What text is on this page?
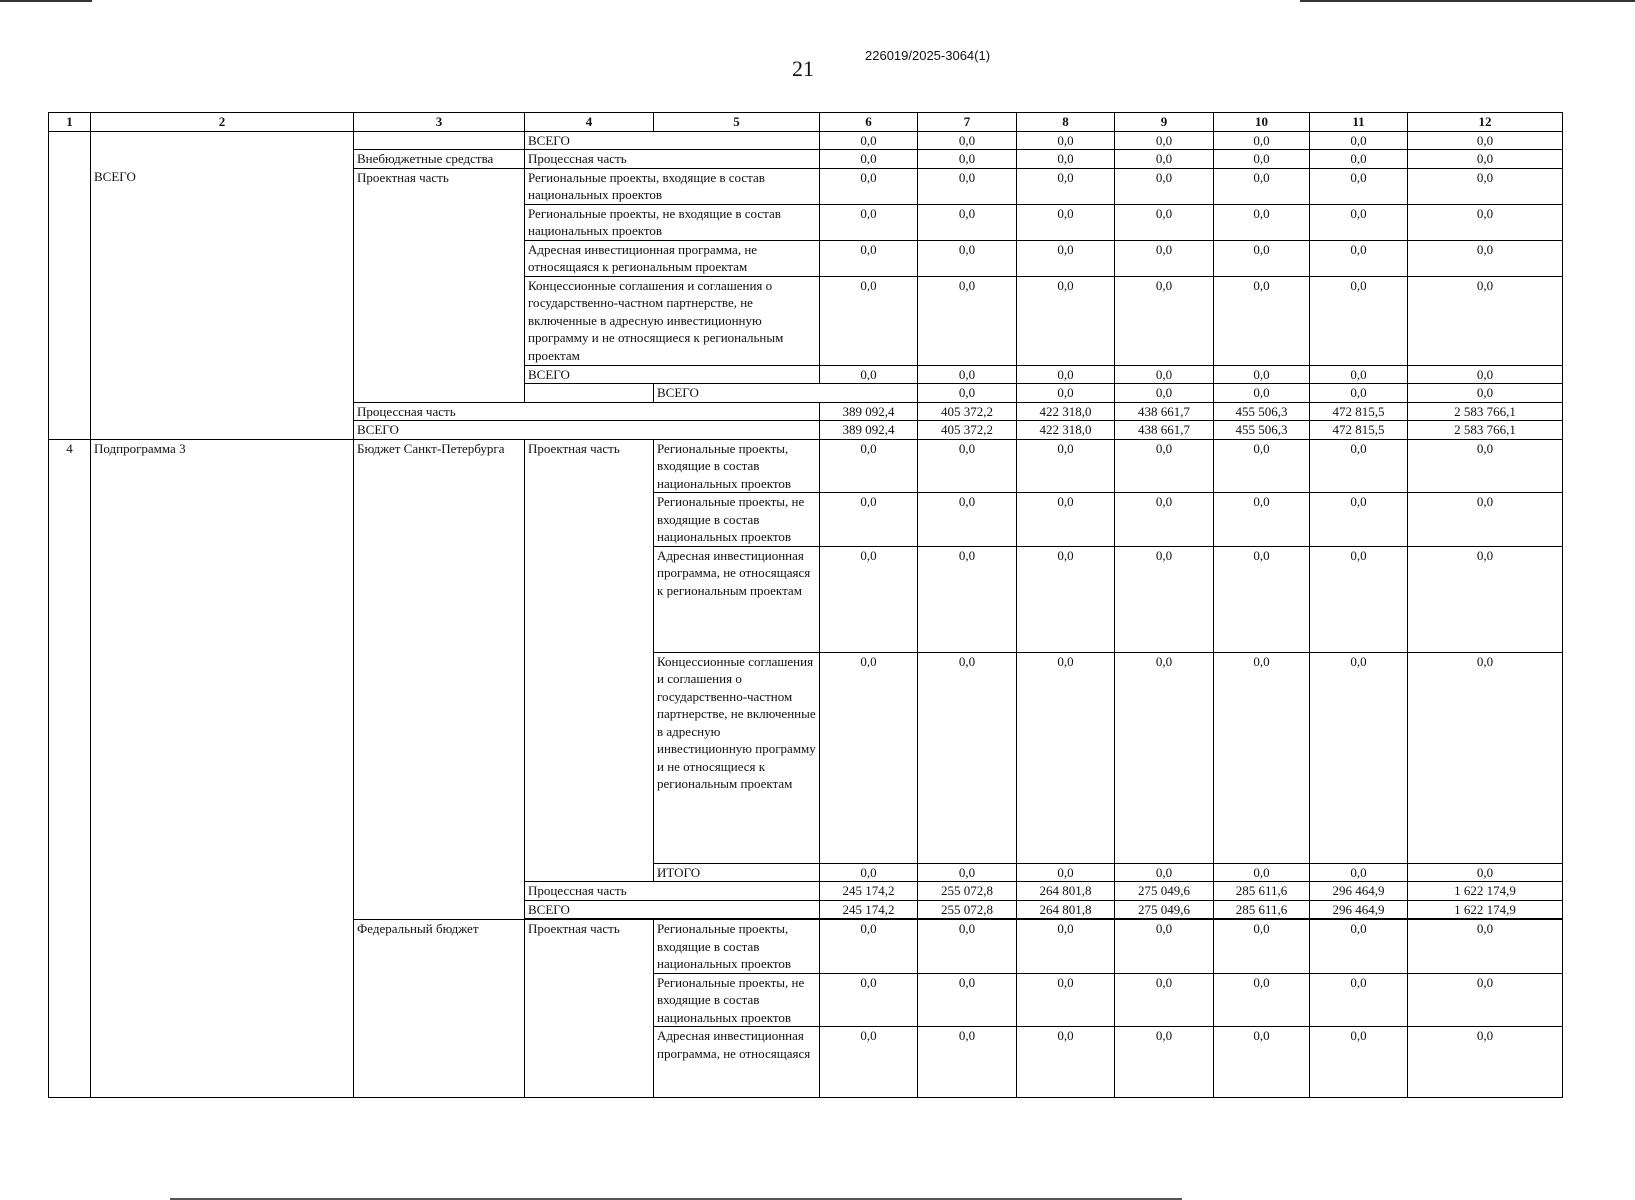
21
226019/2025-3064(1)
1	2	3	4	5	6	7	8	9	10	11	12	
			ВСЕГО		0,0	0,0	0,0	0,0	0,0	0,0	0,0	
		Внебюджетные средства	Процессная часть		0,0	0,0	0,0	0,0	0,0	0,0	0,0	
	ВСЕГО	Проектная часть	Региональные проекты, входящие в состав национальных проектов		0,0	0,0	0,0	0,0	0,0	0,0	0,0	
			Региональные проекты, не входящие в состав национальных проектов		0,0	0,0	0,0	0,0	0,0	0,0	0,0	
			Адресная инвестиционная программа, не относящаяся к региональным проектам		0,0	0,0	0,0	0,0	0,0	0,0	0,0	
			Концессионные соглашения и соглашения о государственно-частном партнерстве, не включенные в адресную инвестиционную программу и не относящиеся к региональным проектам		0,0	0,0	0,0	0,0	0,0	0,0	0,0	
			ВСЕГО		0,0	0,0	0,0	0,0	0,0	0,0	0,0	
				ВСЕГО		0,0	0,0	0,0	0,0	0,0	0,0	
		Процессная часть			389 092,4	405 372,2	422 318,0	438 661,7	455 506,3	472 815,5	2 583 766,1	
		ВСЕГО			389 092,4	405 372,2	422 318,0	438 661,7	455 506,3	472 815,5	2 583 766,1	
4	Подпрограмма 3	Бюджет Санкт-Петербурга	Проектная часть	Региональные проекты, входящие в состав национальных проектов	0,0	0,0	0,0	0,0	0,0	0,0	0,0	
				Региональные проекты, не входящие в состав национальных проектов	0,0	0,0	0,0	0,0	0,0	0,0	0,0	
				Адресная инвестиционная программа, не относящаяся к региональным проектам	0,0	0,0	0,0	0,0	0,0	0,0	0,0	
				Концессионные соглашения и соглашения о государственно-частном партнерстве, не включенные в адресную инвестиционную программу и не относящиеся к региональным проектам	0,0	0,0	0,0	0,0	0,0	0,0	0,0	
				ИТОГО	0,0	0,0	0,0	0,0	0,0	0,0	0,0	
			Процессная часть		245 174,2	255 072,8	264 801,8	275 049,6	285 611,6	296 464,9	1 622 174,9	
			ВСЕГО		245 174,2	255 072,8	264 801,8	275 049,6	285 611,6	296 464,9	1 622 174,9	

		Федеральный бюджет	Проектная часть	Региональные проекты, входящие в состав национальных проектов	0,0	0,0	0,0	0,0	0,0	0,0	0,0	
				Региональные проекты, не входящие в состав национальных проектов	0,0	0,0	0,0	0,0	0,0	0,0	0,0	
				Адресная инвестиционная программа, не относящаяся	0,0	0,0	0,0	0,0	0,0	0,0	0,0	
